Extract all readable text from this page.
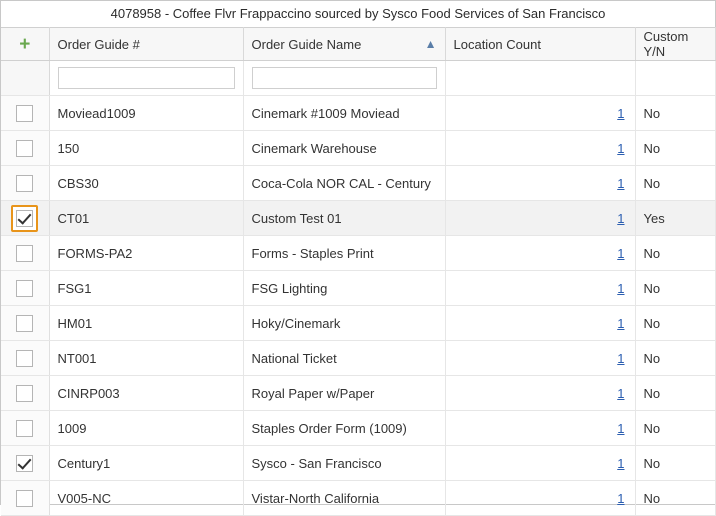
4078958 - Coffee Flvr Frappaccino sourced by Sysco Food Services of San Francisco
+	Order Guide #	Order Guide Name ▲	Location Count	Custom Y/N

	Moviead1009	Cinemark #1009 Moviead	1	No
	150	Cinemark Warehouse	1	No
	CBS30	Coca-Cola NOR CAL - Century	1	No
	CT01	Custom Test 01	1	Yes
	FORMS-PA2	Forms - Staples Print	1	No
	FSG1	FSG Lighting	1	No
	HM01	Hoky/Cinemark	1	No
	NT001	National Ticket	1	No
	CINRP003	Royal Paper w/Paper	1	No
	1009	Staples Order Form (1009)	1	No
	Century1	Sysco - San Francisco	1	No
	V005-NC	Vistar-North California	1	No
